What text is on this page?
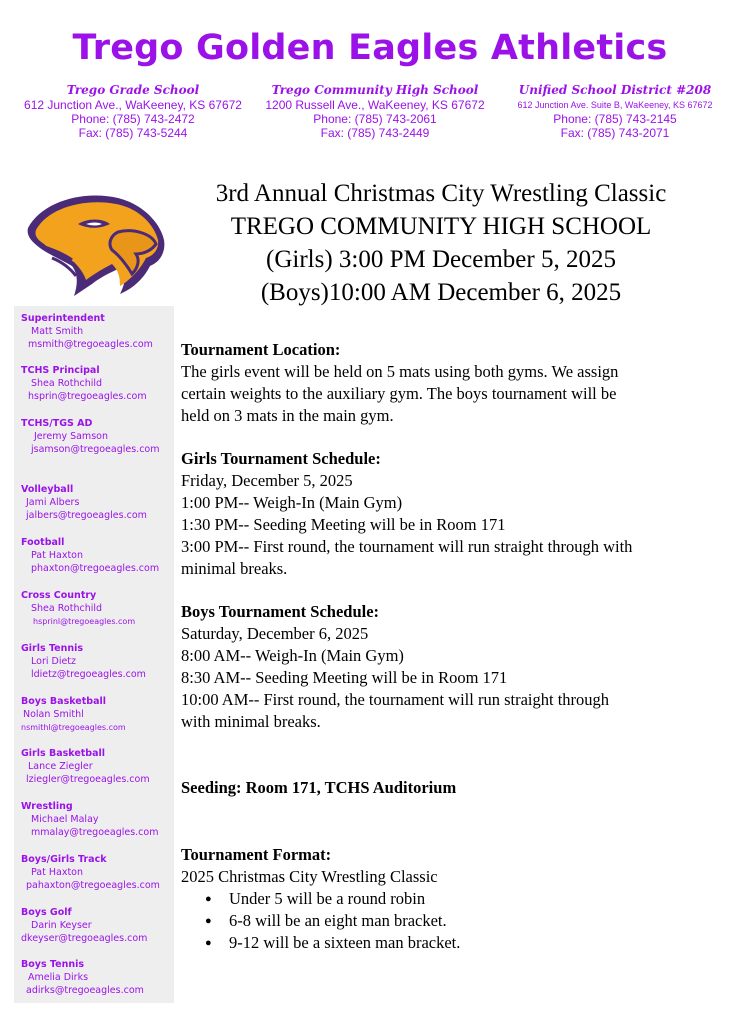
Trego Golden Eagles Athletics
Trego Grade School
612 Junction Ave., WaKeeney, KS 67672
Phone: (785) 743-2472
Fax: (785) 743-5244
Trego Community High School
1200 Russell Ave., WaKeeney, KS 67672
Phone: (785) 743-2061
Fax: (785) 743-2449
Unified School District #208
612 Junction Ave. Suite B, WaKeeney, KS 67672
Phone: (785) 743-2145
Fax: (785) 743-2071
Superintendent
Matt Smith
msmith@tregoeagles.com
TCHS Principal
Shea Rothchild
hsprin@tregoeagles.com
TCHS/TGS AD
Jeremy Samson
jsamson@tregoeagles.com
Volleyball
Jami Albers
jalbers@tregoeagles.com
Football
Pat Haxton
phaxton@tregoeagles.com
Cross Country
Shea Rothchild
hsprinl@tregoeagles.com
Girls Tennis
Lori Dietz
ldietz@tregoeagles.com
Boys Basketball
Nolan Smithl
nsmithl@tregoeagles.com
Girls Basketball
Lance Ziegler
lziegler@tregoeagles.com
Wrestling
Michael Malay
mmalay@tregoeagles.com
Boys/Girls Track
Pat Haxton
pahaxton@tregoeagles.com
Boys Golf
Darin Keyser
dkeyser@tregoeagles.com
Boys Tennis
Amelia Dirks
adirks@tregoeagles.com
3rd Annual Christmas City Wrestling Classic
TREGO COMMUNITY HIGH SCHOOL
(Girls) 3:00 PM December 5, 2025
(Boys)10:00 AM December 6, 2025
Tournament Location:
The girls event will be held on 5 mats using both gyms. We assign
certain weights to the auxiliary gym. The boys tournament will be
held on 3 mats in the main gym.
Girls Tournament Schedule:
Friday, December 5, 2025
1:00 PM-- Weigh-In (Main Gym)
1:30 PM-- Seeding Meeting will be in Room 171
3:00 PM-- First round, the tournament will run straight through with
minimal breaks.
Boys Tournament Schedule:
Saturday, December 6, 2025
8:00 AM-- Weigh-In (Main Gym)
8:30 AM-- Seeding Meeting will be in Room 171
10:00 AM-- First round, the tournament will run straight through
with minimal breaks.
Seeding: Room 171, TCHS Auditorium
Tournament Format:
2025 Christmas City Wrestling Classic
● Under 5 will be a round robin
● 6-8 will be an eight man bracket.
● 9-12 will be a sixteen man bracket.
